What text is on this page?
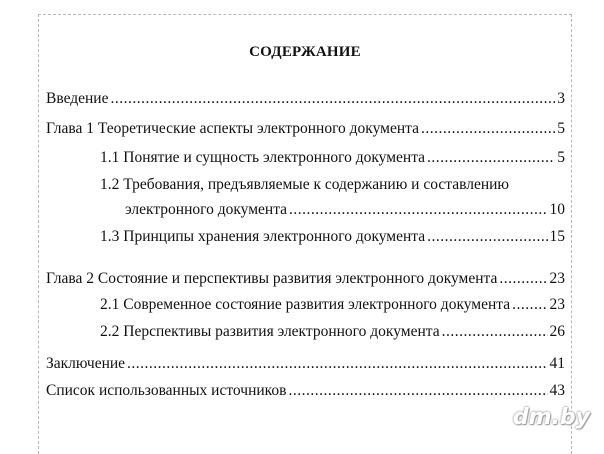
СОДЕРЖАНИЕ
Введение .....	3
Глава 1 Теоретические аспекты электронного документа .....	5
1.1 Понятие и сущность электронного документа .....	5
1.2 Требования, предъявляемые к содержанию и составлению
электронного документа .....	10
1.3 Принципы хранения электронного документа .....	15
Глава 2 Состояние и перспективы развития электронного документа .....	23
2.1 Современное состояние развития электронного документа .....	23
2.2 Перспективы развития электронного документа .....	26
Заключение .....	41
Список использованных источников .....	43
dm.by
